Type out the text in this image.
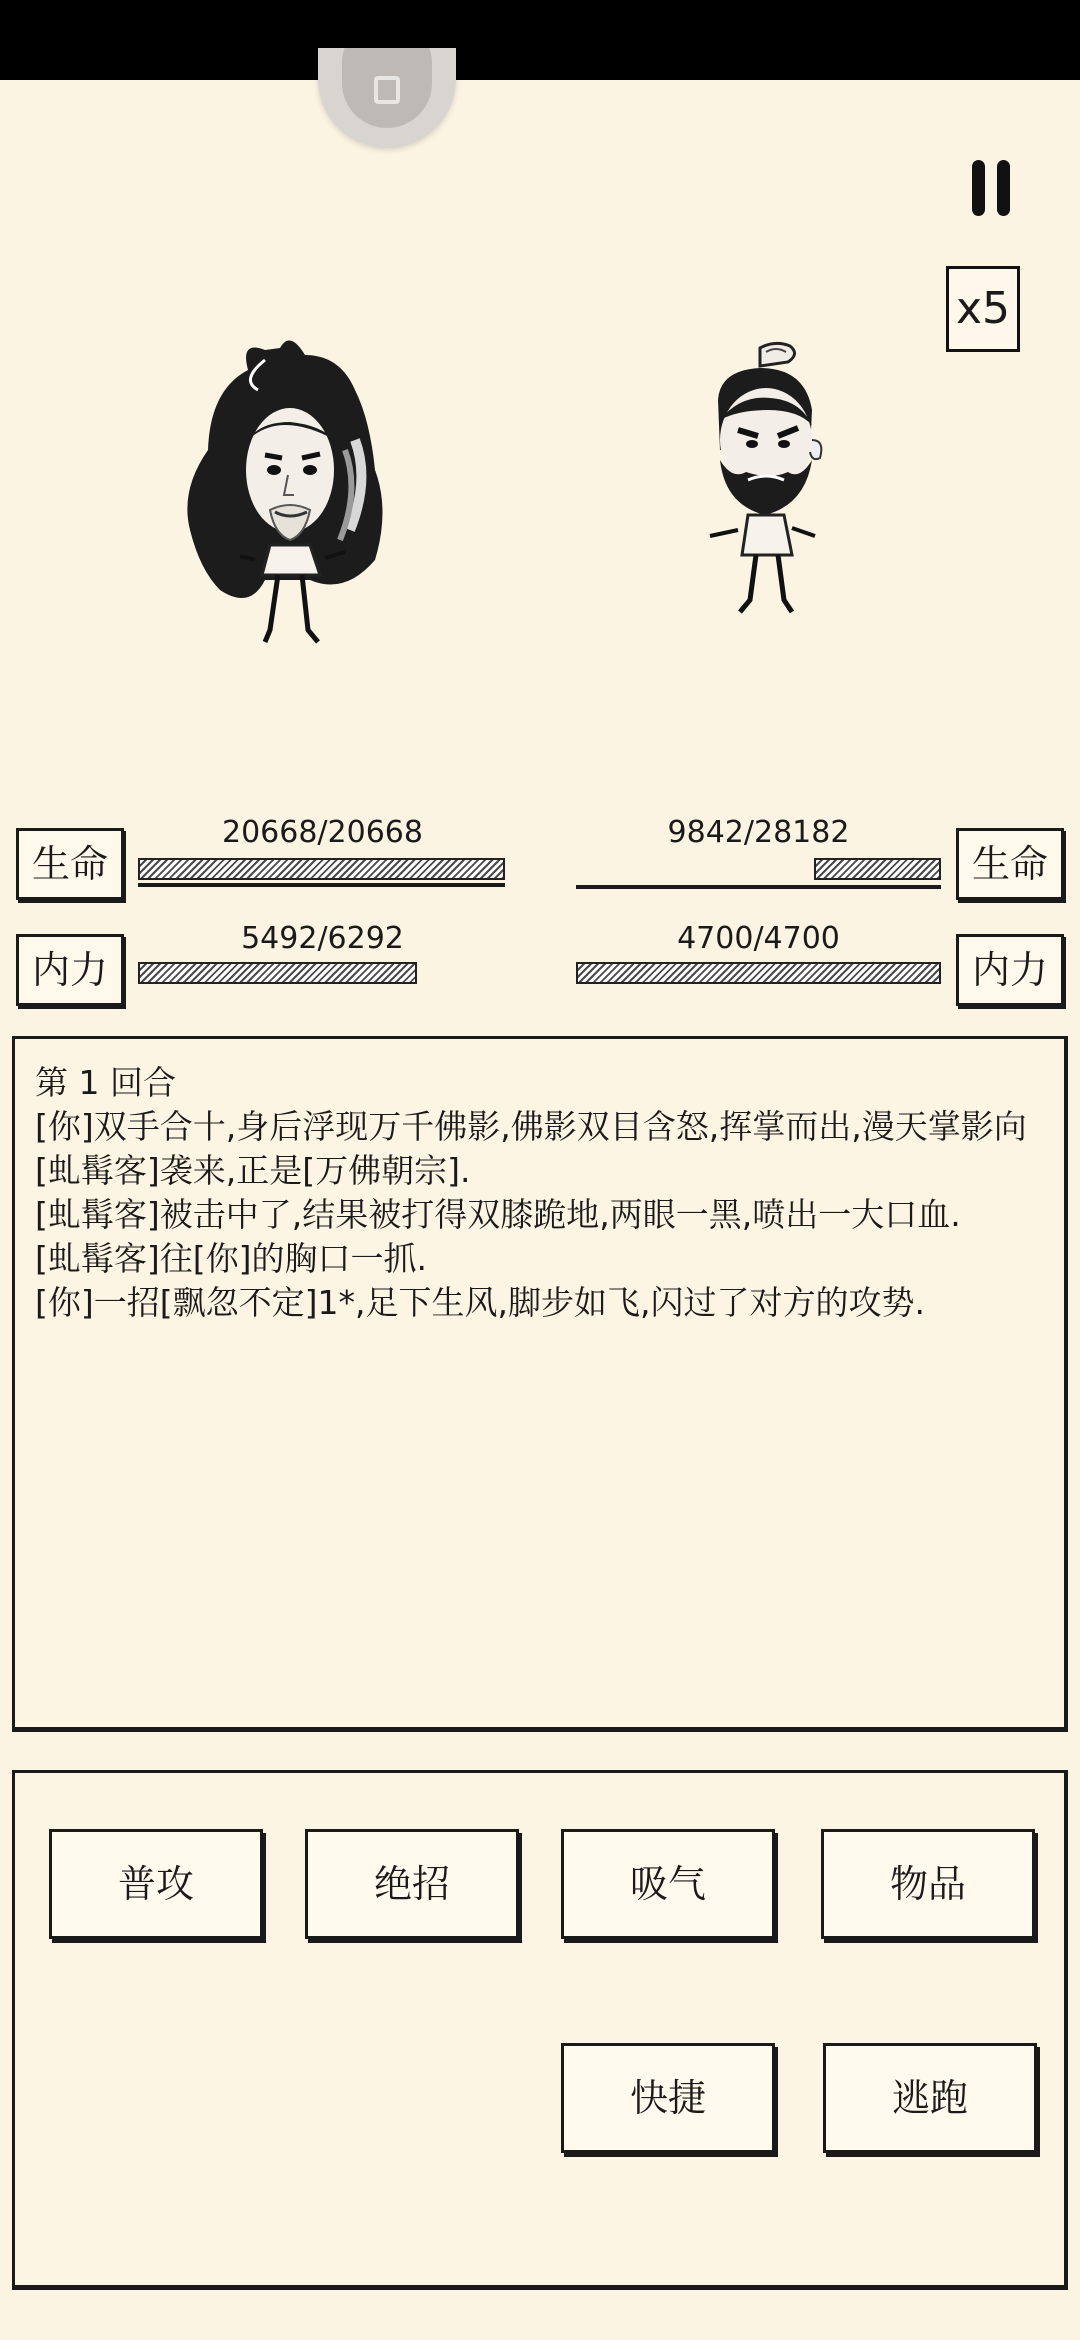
x5
生命
20668/20668
内力
5492/6292
生命
9842/28182
内力
4700/4700
第 1 回合
[你]双手合十,身后浮现万千佛影,佛影双目含怒,挥掌而出,漫天掌影向
[虬髯客]袭来,正是[万佛朝宗].
[虬髯客]被击中了,结果被打得双膝跪地,两眼一黑,喷出一大口血.
[虬髯客]往[你]的胸口一抓.
[你]一招[飘忽不定]1*,足下生风,脚步如飞,闪过了对方的攻势.
普攻	绝招	吸气	物品
快捷	逃跑
